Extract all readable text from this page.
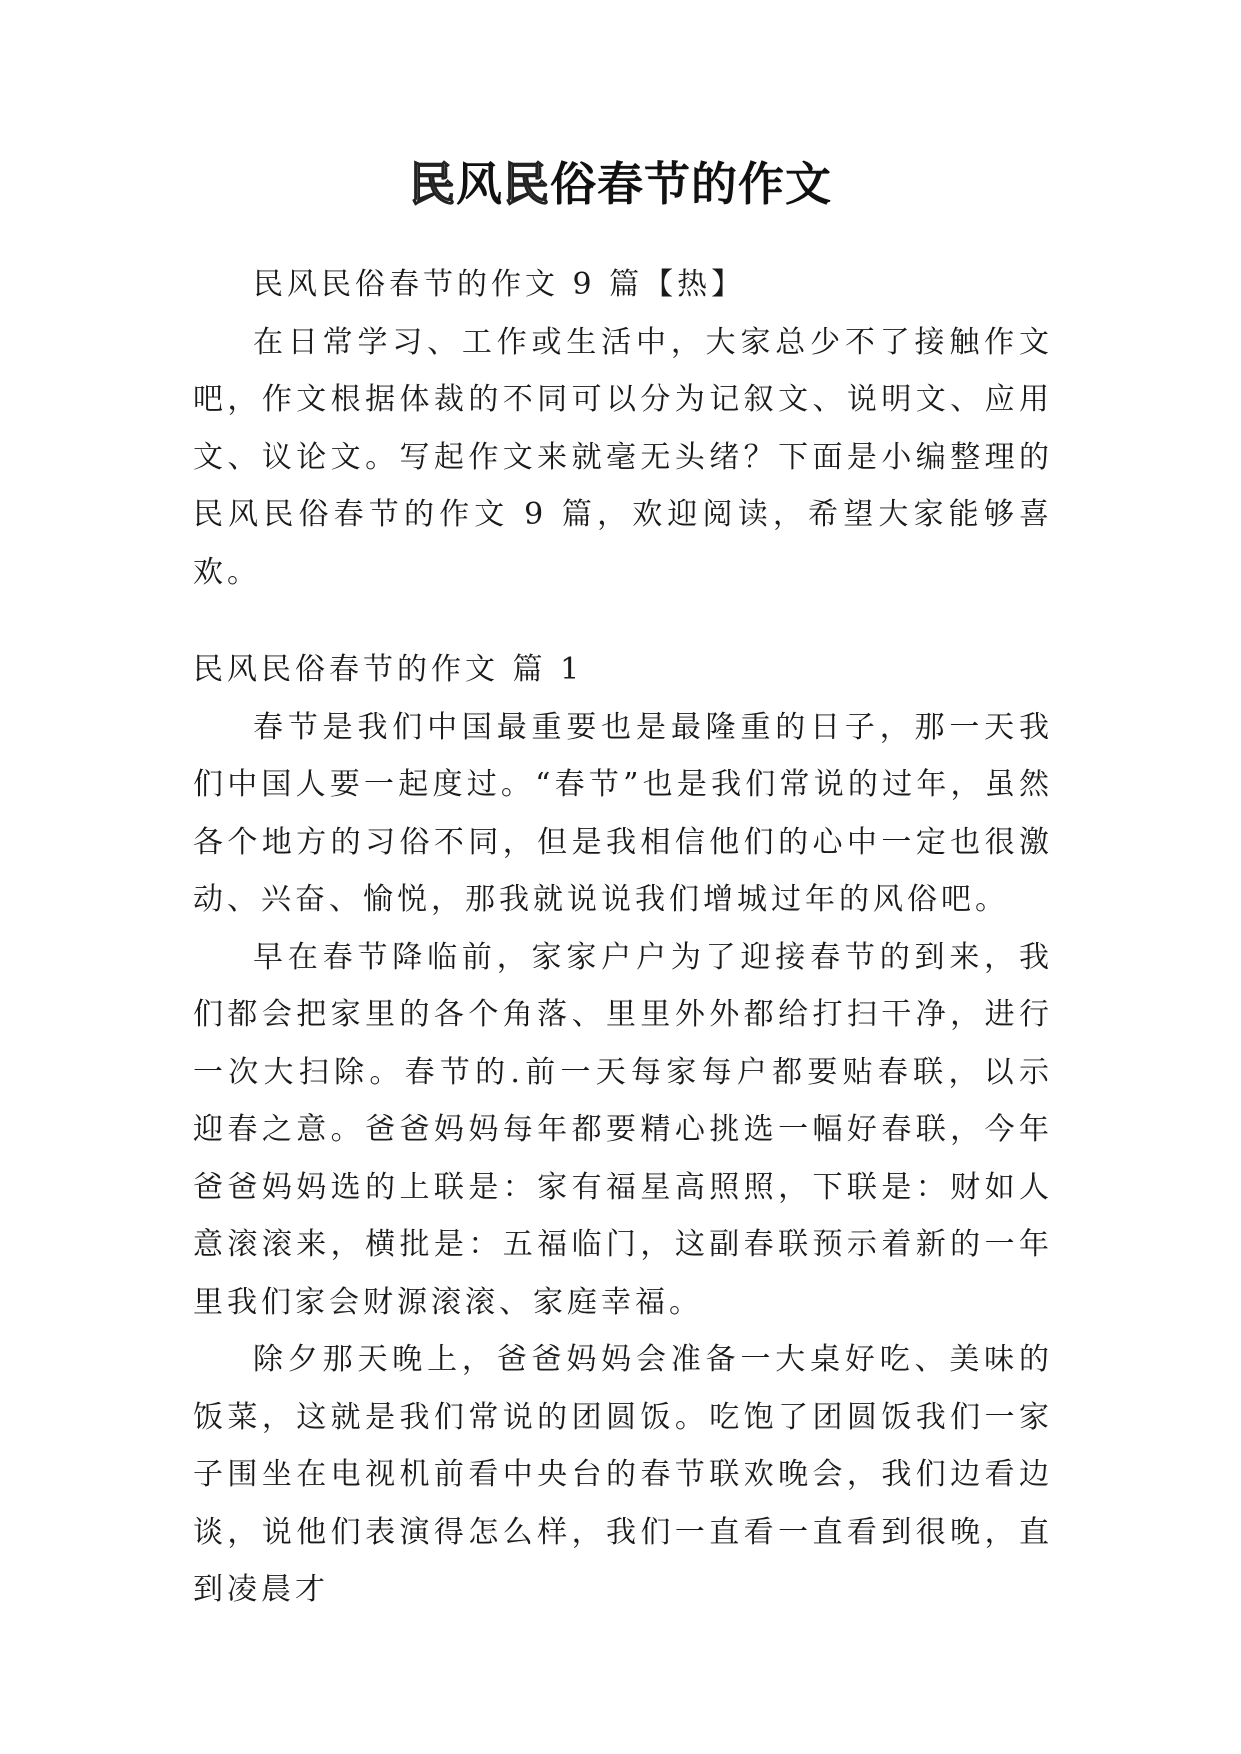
民风民俗春节的作文

民风民俗春节的作文 9 篇【热】

在日常学习、工作或生活中，大家总少不了接触作文吧，作文根据体裁的不同可以分为记叙文、说明文、应用文、议论文。写起作文来就毫无头绪？下面是小编整理的民风民俗春节的作文 9 篇，欢迎阅读，希望大家能够喜欢。

民风民俗春节的作文 篇 1

春节是我们中国最重要也是最隆重的日子，那一天我们中国人要一起度过。“春节”也是我们常说的过年，虽然各个地方的习俗不同，但是我相信他们的心中一定也很激动、兴奋、愉悦，那我就说说我们增城过年的风俗吧。

早在春节降临前，家家户户为了迎接春节的到来，我们都会把家里的各个角落、里里外外都给打扫干净，进行一次大扫除。春节的.前一天每家每户都要贴春联，以示迎春之意。爸爸妈妈每年都要精心挑选一幅好春联，今年爸爸妈妈选的上联是：家有福星高照照，下联是：财如人意滚滚来，横批是：五福临门，这副春联预示着新的一年里我们家会财源滚滚、家庭幸福。

除夕那天晚上，爸爸妈妈会准备一大桌好吃、美味的饭菜，这就是我们常说的团圆饭。吃饱了团圆饭我们一家子围坐在电视机前看中央台的春节联欢晚会，我们边看边谈，说他们表演得怎么样，我们一直看一直看到很晚，直到凌晨才
